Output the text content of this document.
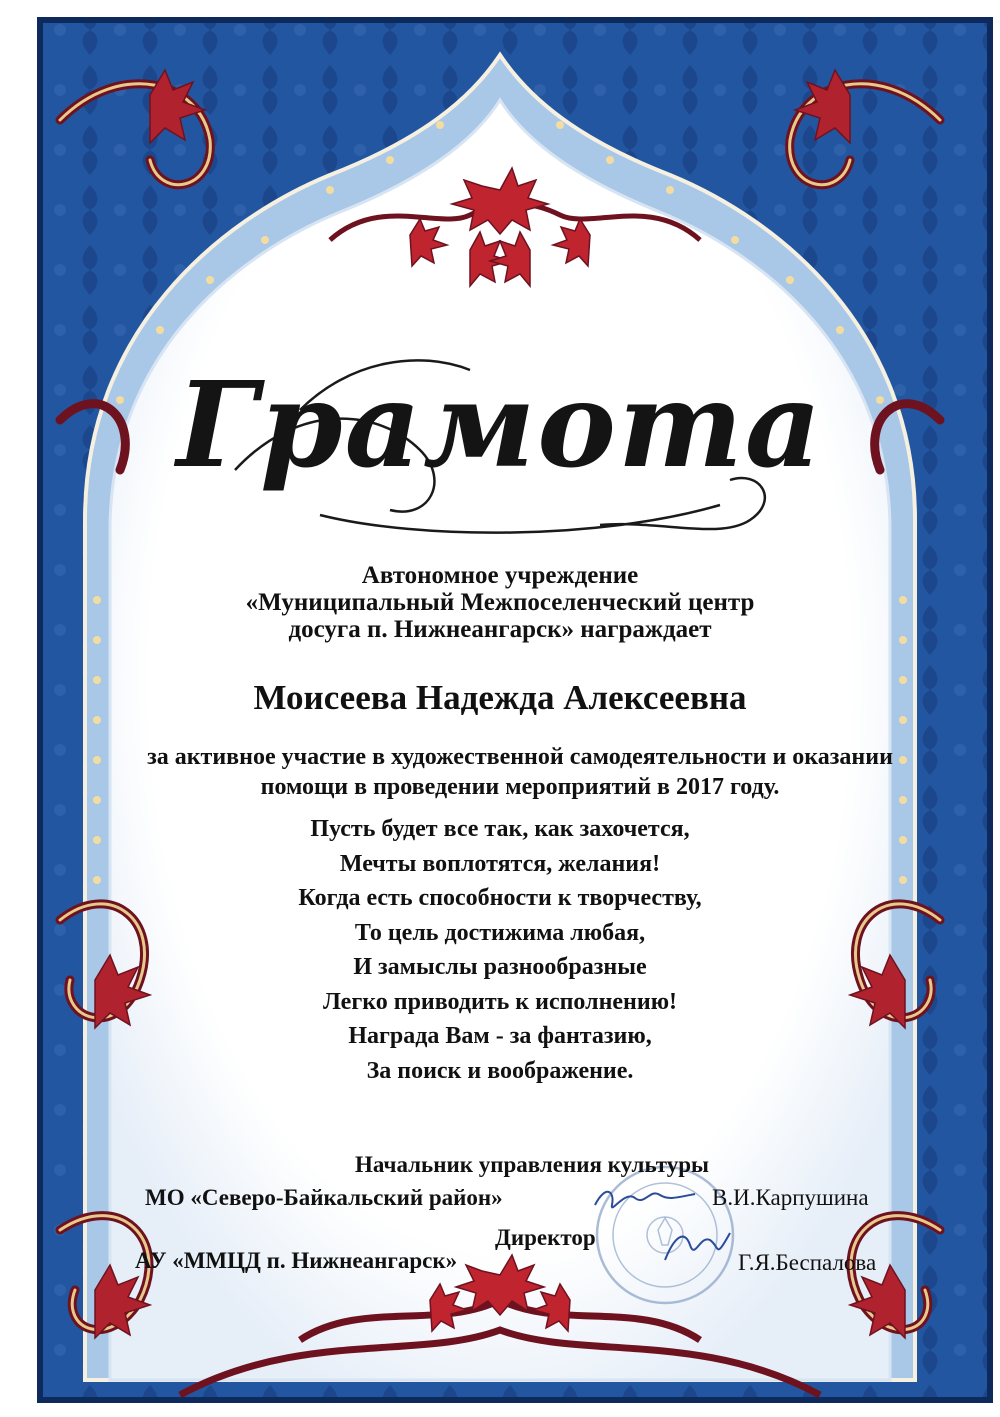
Грамота
Автономное учреждение
«Муниципальный Межпоселенческий центр
досуга п. Нижнеангарск» награждает
Моисеева Надежда Алексеевна
за активное участие в художественной самодеятельности и оказании
помощи в проведении мероприятий в 2017 году.
Пусть будет все так, как захочется,
Мечты воплотятся, желания!
Когда есть способности к творчеству,
То цель достижима любая,
И замыслы разнообразные
Легко приводить к исполнению!
Награда Вам - за фантазию,
За поиск и воображение.
Начальник управления культуры
МО «Северо-Байкальский район»	В.И.Карпушина
Директор
АУ «ММЦД п. Нижнеангарск»	Г.Я.Беспалова
